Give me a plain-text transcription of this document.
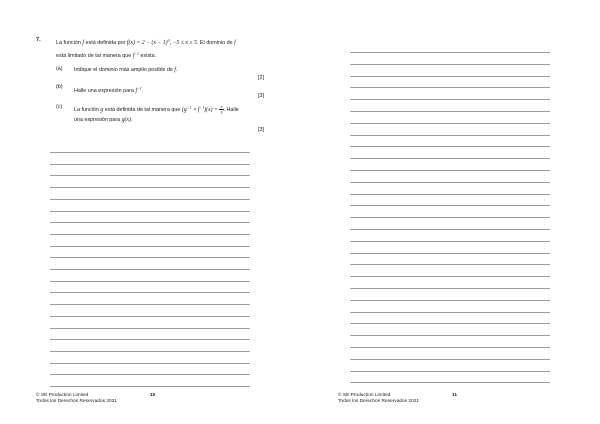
7.	La función f está definida por $f(x) = 2 - (x - 1)^3$, −5 ≤ x ≤ 5. El dominio de f
está limitado de tal manera que $f^{-1}$ exista.
(a) Indique el dominio más amplio posible de f.
[2]
(b)
Halle una expresión para $f^{-1}$.
[3]
(c) La función g está definida de tal manera que ($g^{-1}$ ∘ $f^{-1})(x) = \frac{x}{3}$ . Halle
una expresión para g(x).
[3]
© SE Production Limited
Todos los Derechos Reservados 2021
10	© SE Production Limited
Todos los Derechos Reservados 2021
11
